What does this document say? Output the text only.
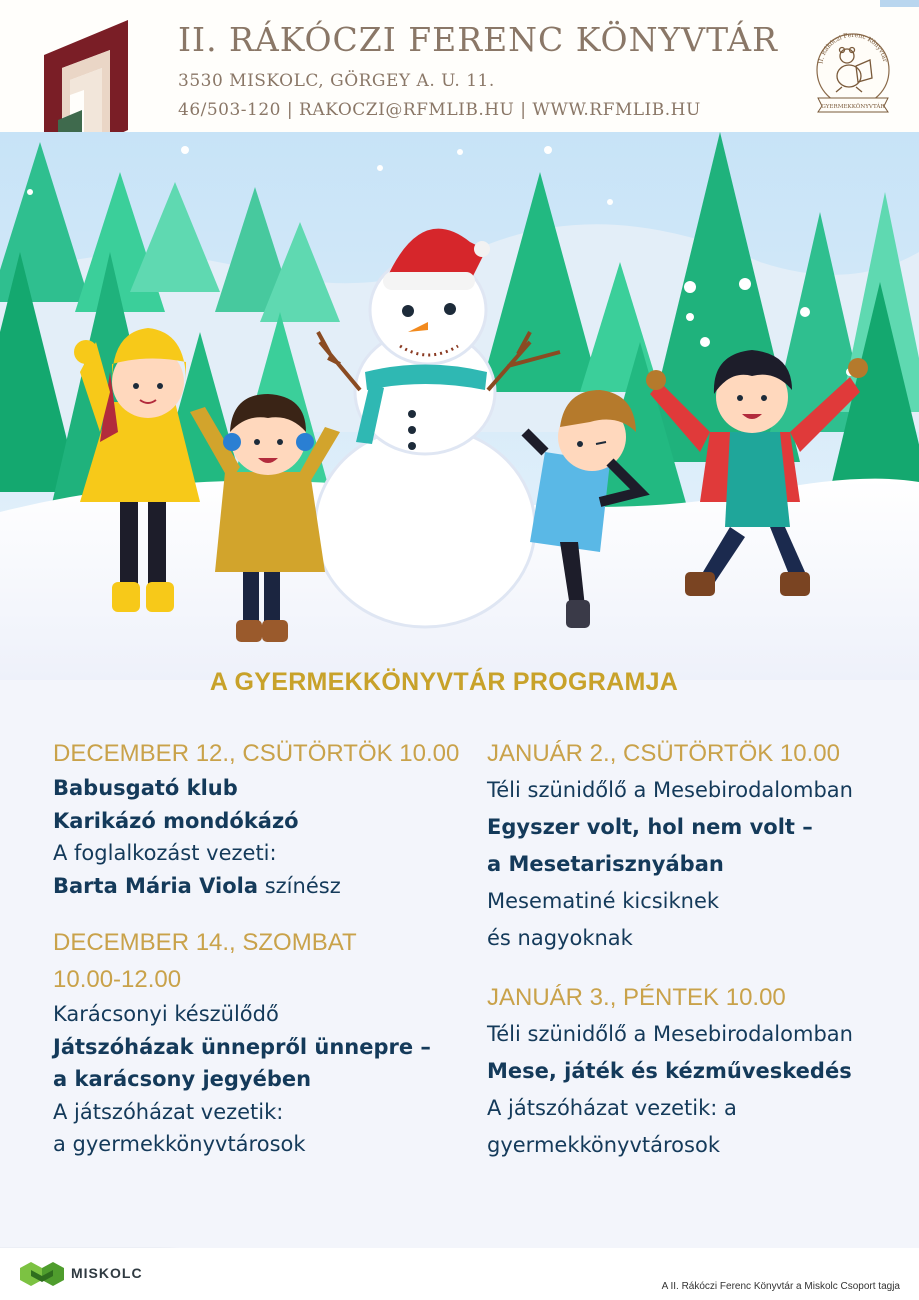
II. RÁKÓCZI FERENC KÖNYVTÁR

3530 MISKOLC, GÖRGEY A. U. 11.

46/503-120 | RAKOCZI@RFMLIB.HU | WWW.RFMLIB.HU

II. Rákóczi Ferenc Könyvtár
GYERMEKKÖNYVTÁR
A GYERMEKKÖNYVTÁR PROGRAMJA
DECEMBER 12., CSÜTÖRTÖK 10.00
Babusgató klub
Karikázó mondókázó
A foglalkozást vezeti:
Barta Mária Viola színész
DECEMBER 14., SZOMBAT
10.00-12.00
Karácsonyi készülődő
Játszóházak ünnepről ünnepre –
a karácsony jegyében
A játszóházat vezetik:
a gyermekkönyvtárosok
JANUÁR 2., CSÜTÖRTÖK 10.00
Téli szünidőlő a Mesebirodalomban
Egyszer volt, hol nem volt –
a Mesetarisznyában
Mesematiné kicsiknek
és nagyoknak
JANUÁR 3., PÉNTEK 10.00
Téli szünidőlő a Mesebirodalomban
Mese, játék és kézműveskedés
A játszóházat vezetik: a
gyermekkönyvtárosok

MISKOLC

A II. Rákóczi Ferenc Könyvtár a Miskolc Csoport tagja
